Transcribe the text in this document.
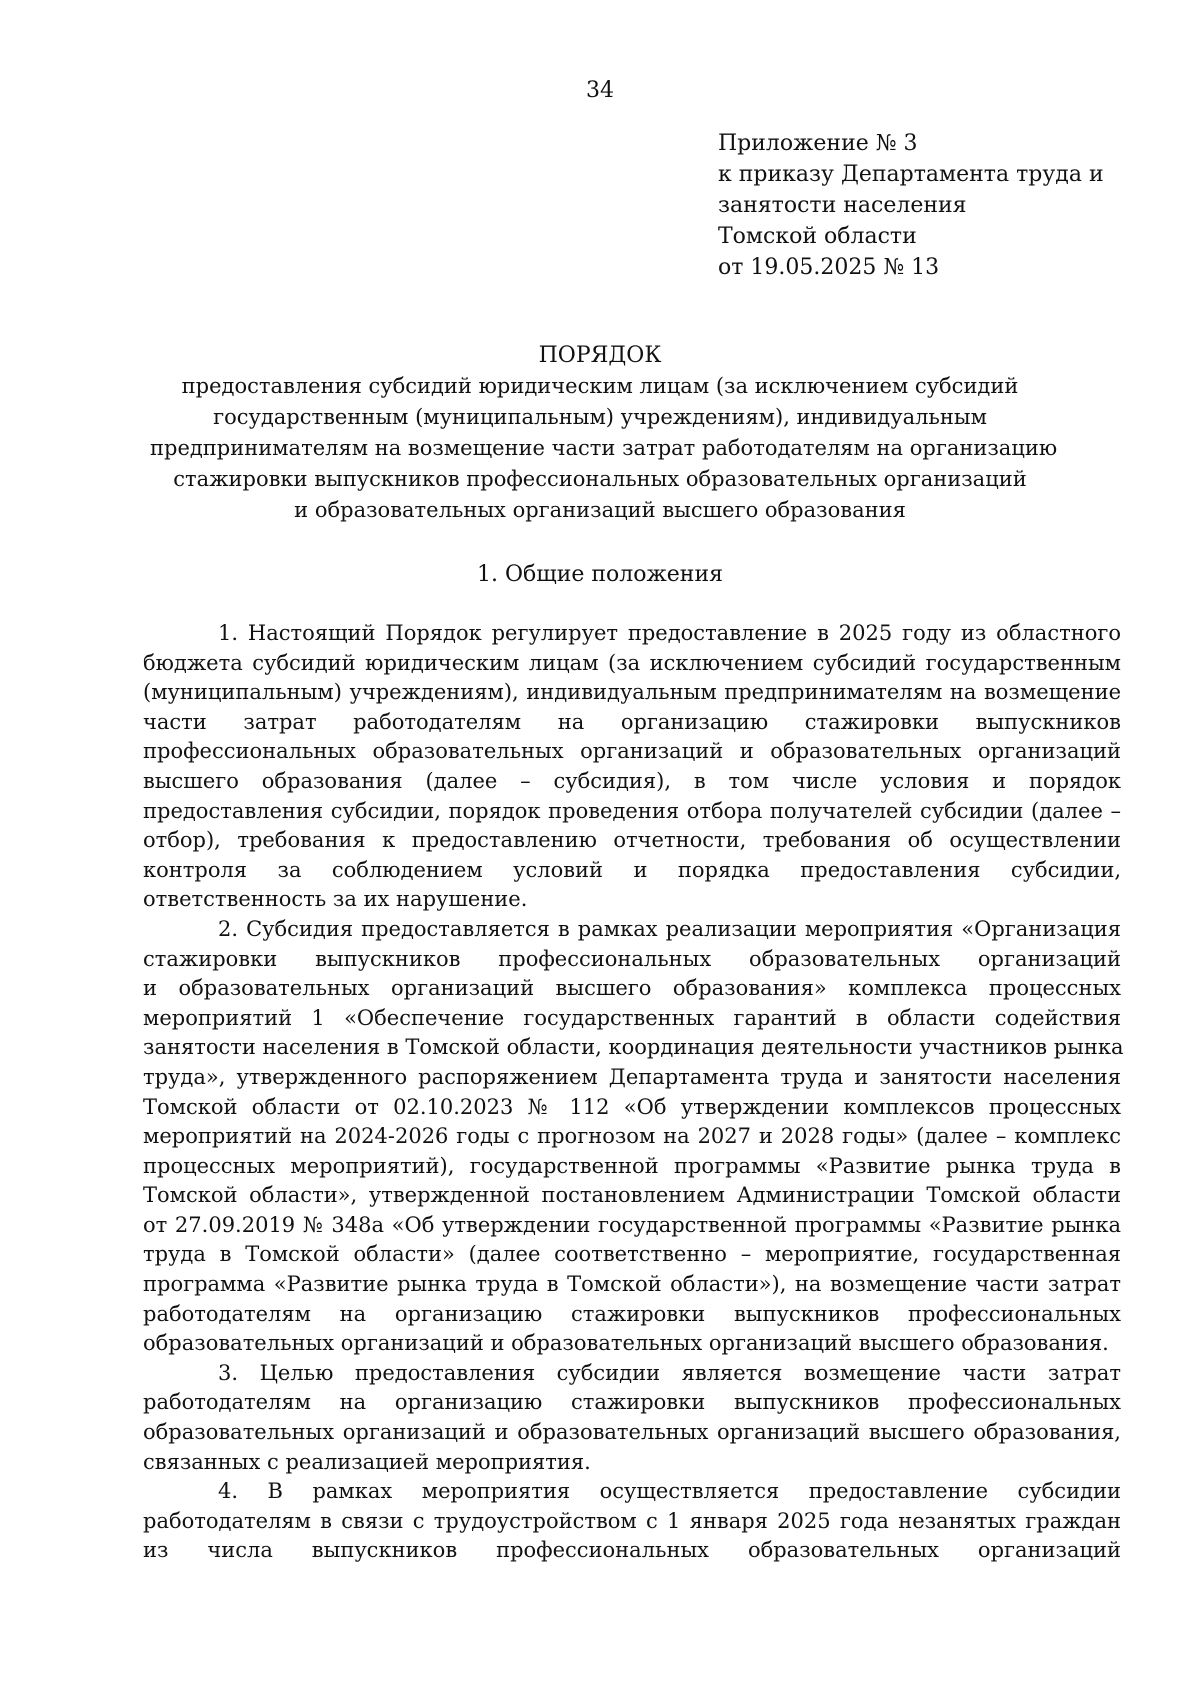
34
Приложение № 3
к приказу Департамента труда и
занятости населения
Томской области
от 19.05.2025 № 13
ПОРЯДОК
предоставления субсидий юридическим лицам (за исключением субсидий
государственным (муниципальным) учреждениям), индивидуальным
предпринимателям на возмещение части затрат работодателям на организацию
стажировки выпускников профессиональных образовательных организаций
и образовательных организаций высшего образования
1. Общие положения
1. Настоящий Порядок регулирует предоставление в 2025 году из областного
бюджета субсидий юридическим лицам (за исключением субсидий государственным
(муниципальным) учреждениям), индивидуальным предпринимателям на возмещение
части затрат работодателям на организацию стажировки выпускников
профессиональных образовательных организаций и образовательных организаций
высшего образования (далее – субсидия), в том числе условия и порядок
предоставления субсидии, порядок проведения отбора получателей субсидии (далее –
отбор), требования к предоставлению отчетности, требования об осуществлении
контроля за соблюдением условий и порядка предоставления субсидии,
ответственность за их нарушение.
2. Субсидия предоставляется в рамках реализации мероприятия «Организация
стажировки выпускников профессиональных образовательных организаций
и образовательных организаций высшего образования» комплекса процессных
мероприятий 1 «Обеспечение государственных гарантий в области содействия
занятости населения в Томской области, координация деятельности участников рынка
труда», утвержденного распоряжением Департамента труда и занятости населения
Томской области от 02.10.2023 № 112 «Об утверждении комплексов процессных
мероприятий на 2024-2026 годы с прогнозом на 2027 и 2028 годы» (далее – комплекс
процессных мероприятий), государственной программы «Развитие рынка труда в
Томской области», утвержденной постановлением Администрации Томской области
от 27.09.2019 № 348а «Об утверждении государственной программы «Развитие рынка
труда в Томской области» (далее соответственно – мероприятие, государственная
программа «Развитие рынка труда в Томской области»), на возмещение части затрат
работодателям на организацию стажировки выпускников профессиональных
образовательных организаций и образовательных организаций высшего образования.
3. Целью предоставления субсидии является возмещение части затрат
работодателям на организацию стажировки выпускников профессиональных
образовательных организаций и образовательных организаций высшего образования,
связанных с реализацией мероприятия.
4. В рамках мероприятия осуществляется предоставление субсидии
работодателям в связи с трудоустройством с 1 января 2025 года незанятых граждан
из числа выпускников профессиональных образовательных организаций
